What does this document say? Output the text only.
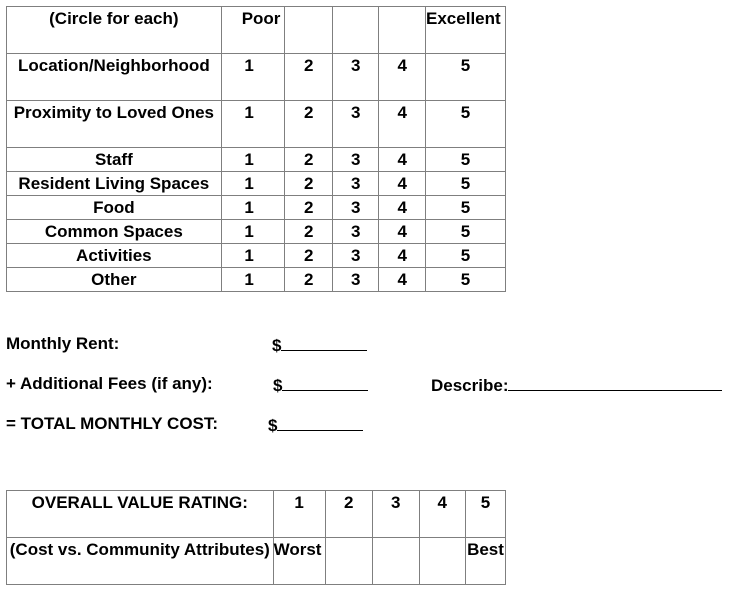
(Circle for each)	Poor				Excellent
Location/Neighborhood	1	2	3	4	5
Proximity to Loved Ones	1	2	3	4	5
Staff	1	2	3	4	5
Resident Living Spaces	1	2	3	4	5
Food	1	2	3	4	5
Common Spaces	1	2	3	4	5
Activities	1	2	3	4	5
Other	1	2	3	4	5
Monthly Rent:	$
+ Additional Fees (if any):	$	Describe:
= TOTAL MONTHLY COST:	$
OVERALL VALUE RATING:	1	2	3	4	5
(Cost vs. Community Attributes)	Worst				Best
